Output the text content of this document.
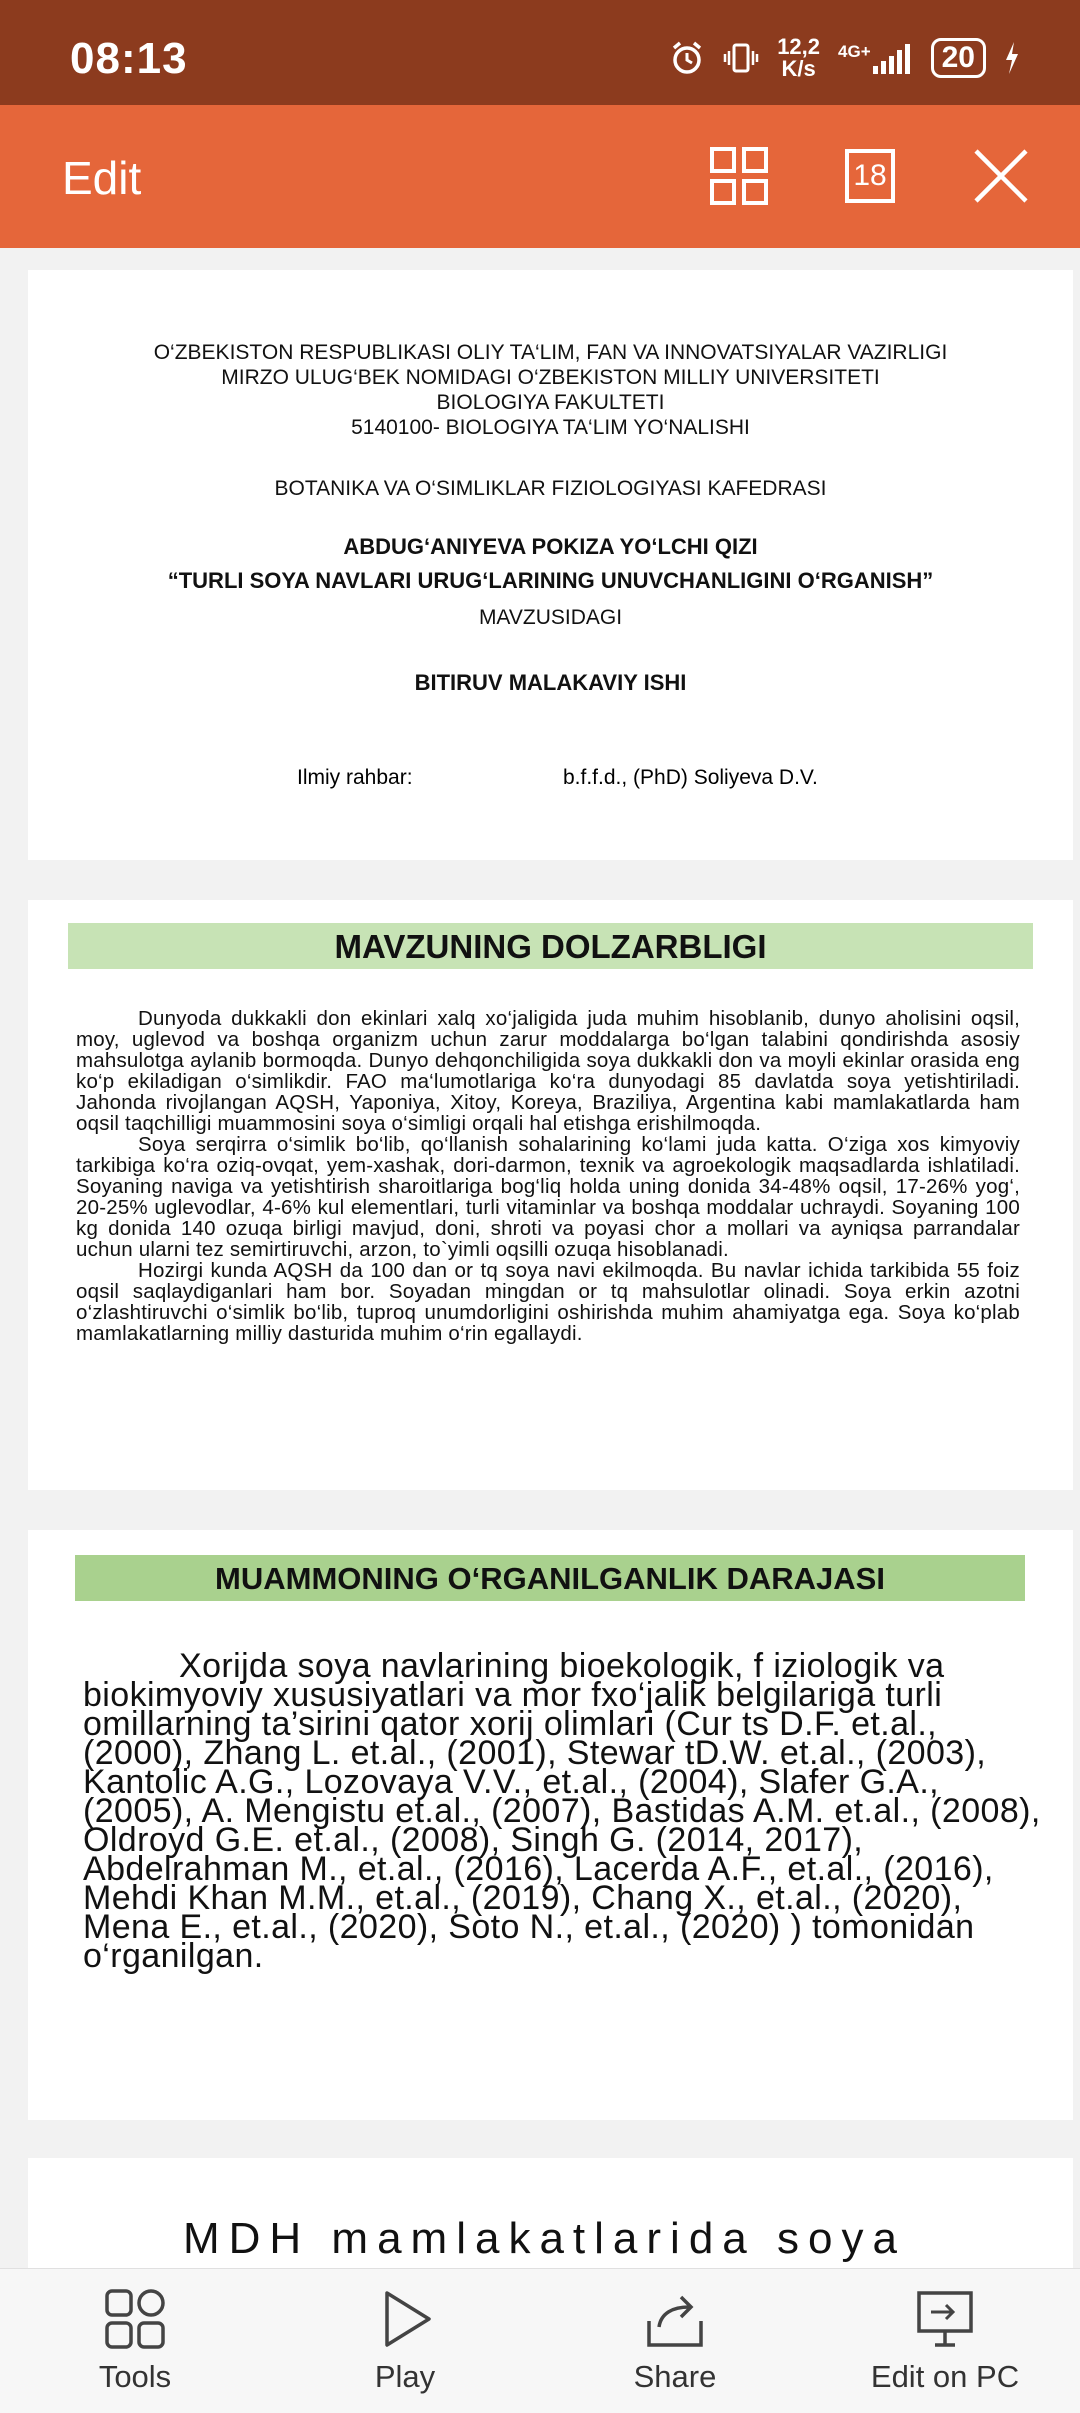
08:13	12,2
K/s
4G+	20
Edit	18
O‘ZBEKISTON RESPUBLIKASI OLIY TA‘LIM, FAN VA INNOVATSIYALAR VAZIRLIGI
MIRZO ULUG‘BEK NOMIDAGI O‘ZBEKISTON MILLIY UNIVERSITETI
BIOLOGIYA FAKULTETI
5140100- BIOLOGIYA TA‘LIM YO‘NALISHI
BOTANIKA VA O‘SIMLIKLAR FIZIOLOGIYASI KAFEDRASI
ABDUG‘ANIYEVA POKIZA YO‘LCHI QIZI
“TURLI SOYA NAVLARI URUG‘LARINING UNUVCHANLIGINI O‘RGANISH”
MAVZUSIDAGI
BITIRUV MALAKAVIY ISHI
Ilmiy rahbar:	b.f.f.d., (PhD) Soliyeva D.V.
MAVZUNING DOLZARBLIGI

Dunyoda dukkakli don ekinlari xalq xo‘jaligida juda muhim hisoblanib, dunyo aholisini oqsil, moy, uglevod va boshqa organizm uchun zarur moddalarga bo‘lgan talabini qondirishda asosiy mahsulotga aylanib bormoqda. Dunyo dehqonchiligida soya dukkakli don va moyli ekinlar orasida eng ko‘p ekiladigan o‘simlikdir. FAO ma‘lumotlariga ko‘ra dunyodagi 85 davlatda soya yetishtiriladi. Jahonda rivojlangan AQSH, Yaponiya, Xitoy, Koreya, Braziliya, Argentina kabi mamlakatlarda ham oqsil taqchilligi muammosini soya o‘simligi orqali hal etishga erishilmoqda.

Soya serqirra o‘simlik bo‘lib, qo‘llanish sohalarining ko‘lami juda katta. O‘ziga xos kimyoviy tarkibiga ko‘ra oziq-ovqat, yem-xashak, dori-darmon, texnik va agroekologik maqsadlarda ishlatiladi. Soyaning naviga va yetishtirish sharoitlariga bog‘liq holda uning donida 34-48% oqsil, 17-26% yog‘, 20-25% uglevodlar, 4-6% kul elementlari, turli vitaminlar va boshqa moddalar uchraydi. Soyaning 100 kg donida 140 ozuqa birligi mavjud, doni, shroti va poyasi chor a mollari va ayniqsa parrandalar uchun ularni tez semirtiruvchi, arzon, to`yimli oqsilli ozuqa hisoblanadi.

Hozirgi kunda AQSH da 100 dan or tq soya navi ekilmoqda. Bu navlar ichida tarkibida 55 foiz oqsil saqlaydiganlari ham bor. Soyadan mingdan or tq mahsulotlar olinadi. Soya erkin azotni o‘zlashtiruvchi o‘simlik bo‘lib, tuproq unumdorligini oshirishda muhim ahamiyatga ega. Soya ko‘plab mamlakatlarning milliy dasturida muhim o‘rin egallaydi.

MUAMMONING O‘RGANILGANLIK DARAJASI

Xorijda soya navlarining bioekologik, f iziologik va biokimyoviy xususiyatlari va mor fxo‘jalik belgilariga turli omillarning ta’sirini qator xorij olimlari (Cur ts D.F. et.al., (2000), Zhang L. et.al., (2001), Stewar tD.W. et.al., (2003), Kantolic A.G., Lozovaya V.V., et.al., (2004), Slafer G.A., (2005), A. Mengistu et.al., (2007), Bastidas A.M. et.al., (2008), Oldroyd G.E. et.al., (2008), Singh G. (2014, 2017), Abdelrahman M., et.al., (2016), Lacerda A.F., et.al., (2016), Mehdi Khan M.M., et.al., (2019), Chang X., et.al., (2020), Mena E., et.al., (2020), Soto N., et.al., (2020) ) tomonidan o‘rganilgan.

MDH mamlakatlarida soya
Tools	Play	Share	Edit on PC
